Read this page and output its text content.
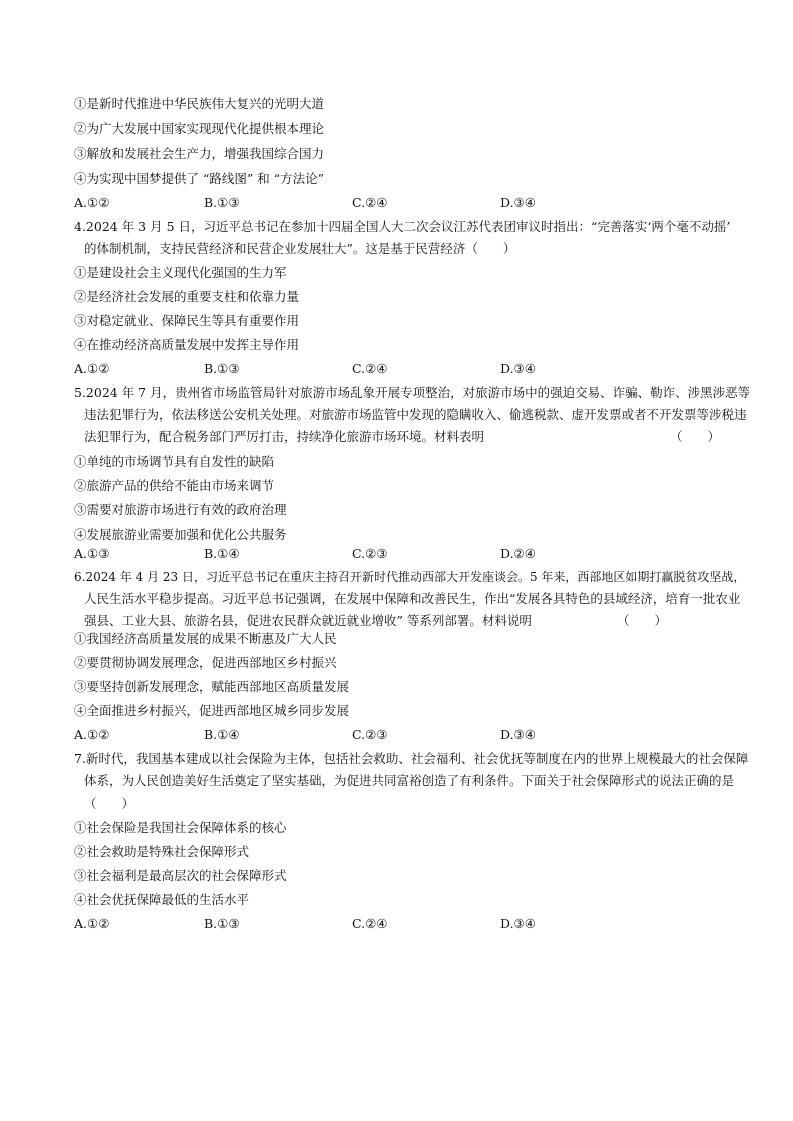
①是新时代推进中华民族伟大复兴的光明大道
②为广大发展中国家实现现代化提供根本理论
③解放和发展社会生产力，增强我国综合国力
④为实现中国梦提供了 “路线图” 和 “方法论”
A.①②	B.①③	C.②④	D.③④
4.2024 年 3 月 5 日，习近平总书记在参加十四届全国人大二次会议江苏代表团审议时指出：“完善落实‘两个毫不动摇’
的体制机制，支持民营经济和民营企业发展壮大”。这是基于民营经济（　　）
①是建设社会主义现代化强国的生力军
②是经济社会发展的重要支柱和依靠力量
③对稳定就业、保障民生等具有重要作用
④在推动经济高质量发展中发挥主导作用
A.①②	B.①③	C.②④	D.③④
5.2024 年 7 月，贵州省市场监管局针对旅游市场乱象开展专项整治，对旅游市场中的强迫交易、诈骗、勒诈、涉黑涉恶等
违法犯罪行为，依法移送公安机关处理。对旅游市场监管中发现的隐瞒收入、偷逃税款、虚开发票或者不开发票等涉税违
法犯罪行为，配合税务部门严厉打击，持续净化旅游市场环境。材料表明	（　　）
①单纯的市场调节具有自发性的缺陷
②旅游产品的供给不能由市场来调节
③需要对旅游市场进行有效的政府治理
④发展旅游业需要加强和优化公共服务
A.①③	B.①④	C.②③	D.②④
6.2024 年 4 月 23 日，习近平总书记在重庆主持召开新时代推动西部大开发座谈会。5 年来，西部地区如期打赢脱贫攻坚战，
人民生活水平稳步提高。习近平总书记强调，在发展中保障和改善民生，作出“发展各具特色的县域经济，培育一批农业
强县、工业大县、旅游名县，促进农民群众就近就业增收” 等系列部署。材料说明	（　　）
①我国经济高质量发展的成果不断惠及广大人民
②要贯彻协调发展理念，促进西部地区乡村振兴
③要坚持创新发展理念，赋能西部地区高质量发展
④全面推进乡村振兴，促进西部地区城乡同步发展
A.①②	B.①④	C.②③	D.③④
7.新时代，我国基本建成以社会保险为主体，包括社会救助、社会福利、社会优抚等制度在内的世界上规模最大的社会保障
体系，为人民创造美好生活奠定了坚实基础，为促进共同富裕创造了有利条件。下面关于社会保障形式的说法正确的是
（　　）
①社会保险是我国社会保障体系的核心
②社会救助是特殊社会保障形式
③社会福利是最高层次的社会保障形式
④社会优抚保障最低的生活水平
A.①②	B.①③	C.②④	D.③④
